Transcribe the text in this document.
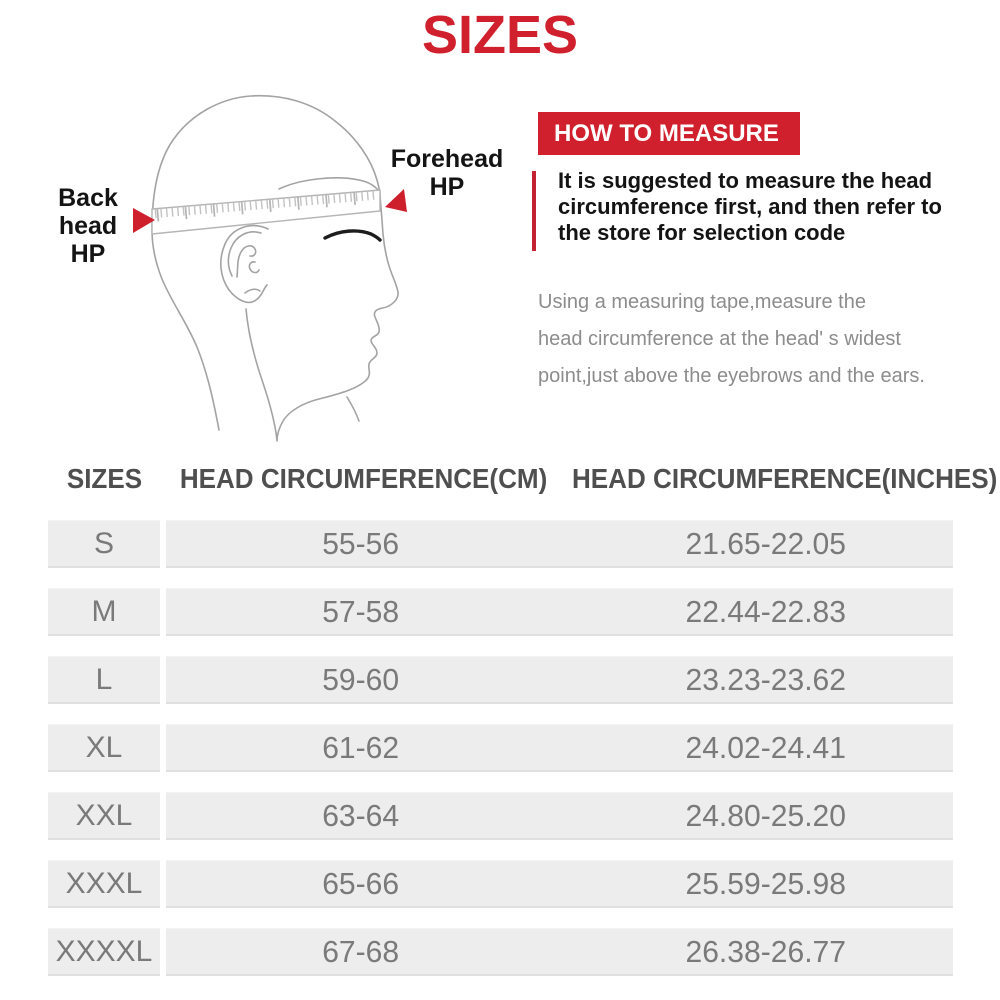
SIZES
Back
head
HP
Forehead
HP
HOW TO MEASURE
It is suggested to measure the head
circumference first, and then refer to
the store for selection code
Using a measuring tape,measure the
head circumference at the head' s widest
point,just above the eyebrows and the ears.
SIZES	HEAD CIRCUMFERENCE(CM) HEAD CIRCUMFERENCE(INCHES)
S	55-56	21.65-22.05
M	57-58	22.44-22.83
L	59-60	23.23-23.62
XL	61-62	24.02-24.41
XXL	63-64	24.80-25.20
XXXL	65-66	25.59-25.98
XXXXL	67-68	26.38-26.77
